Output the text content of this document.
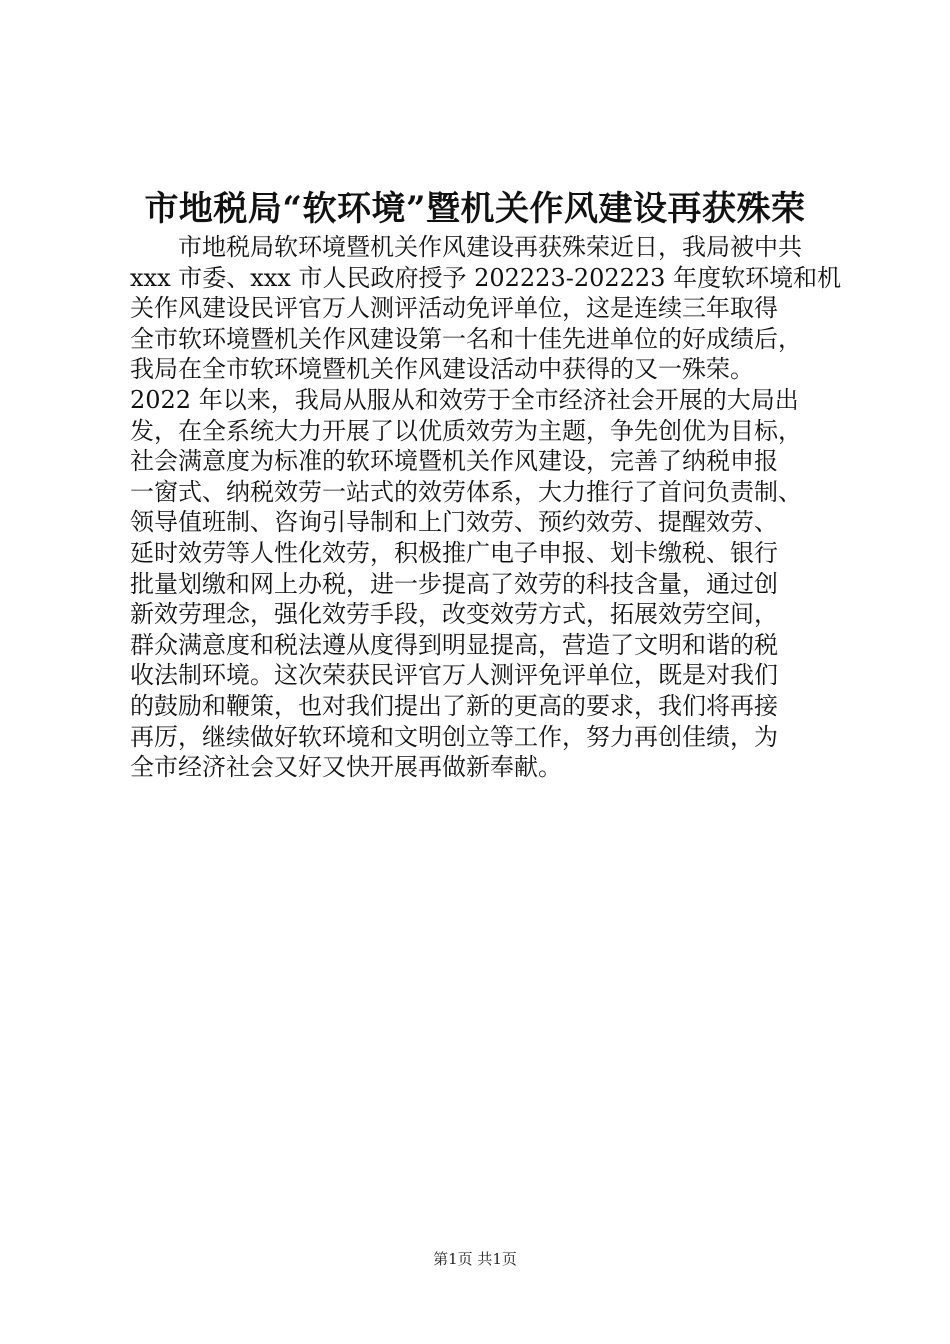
市地税局“软环境”暨机关作风建设再获殊荣
市地税局软环境暨机关作风建设再获殊荣近日，我局被中共
xxx 市委、xxx 市人民政府授予 202223-202223 年度软环境和机
关作风建设民评官万人测评活动免评单位，这是连续三年取得
全市软环境暨机关作风建设第一名和十佳先进单位的好成绩后，
我局在全市软环境暨机关作风建设活动中获得的又一殊荣。
2022 年以来，我局从服从和效劳于全市经济社会开展的大局出
发，在全系统大力开展了以优质效劳为主题，争先创优为目标，
社会满意度为标准的软环境暨机关作风建设，完善了纳税申报
一窗式、纳税效劳一站式的效劳体系，大力推行了首问负责制、
领导值班制、咨询引导制和上门效劳、预约效劳、提醒效劳、
延时效劳等人性化效劳，积极推广电子申报、划卡缴税、银行
批量划缴和网上办税，进一步提高了效劳的科技含量，通过创
新效劳理念，强化效劳手段，改变效劳方式，拓展效劳空间，
群众满意度和税法遵从度得到明显提高，营造了文明和谐的税
收法制环境。这次荣获民评官万人测评免评单位，既是对我们
的鼓励和鞭策，也对我们提出了新的更高的要求，我们将再接
再厉，继续做好软环境和文明创立等工作，努力再创佳绩，为
全市经济社会又好又快开展再做新奉献。
第1页 共1页
